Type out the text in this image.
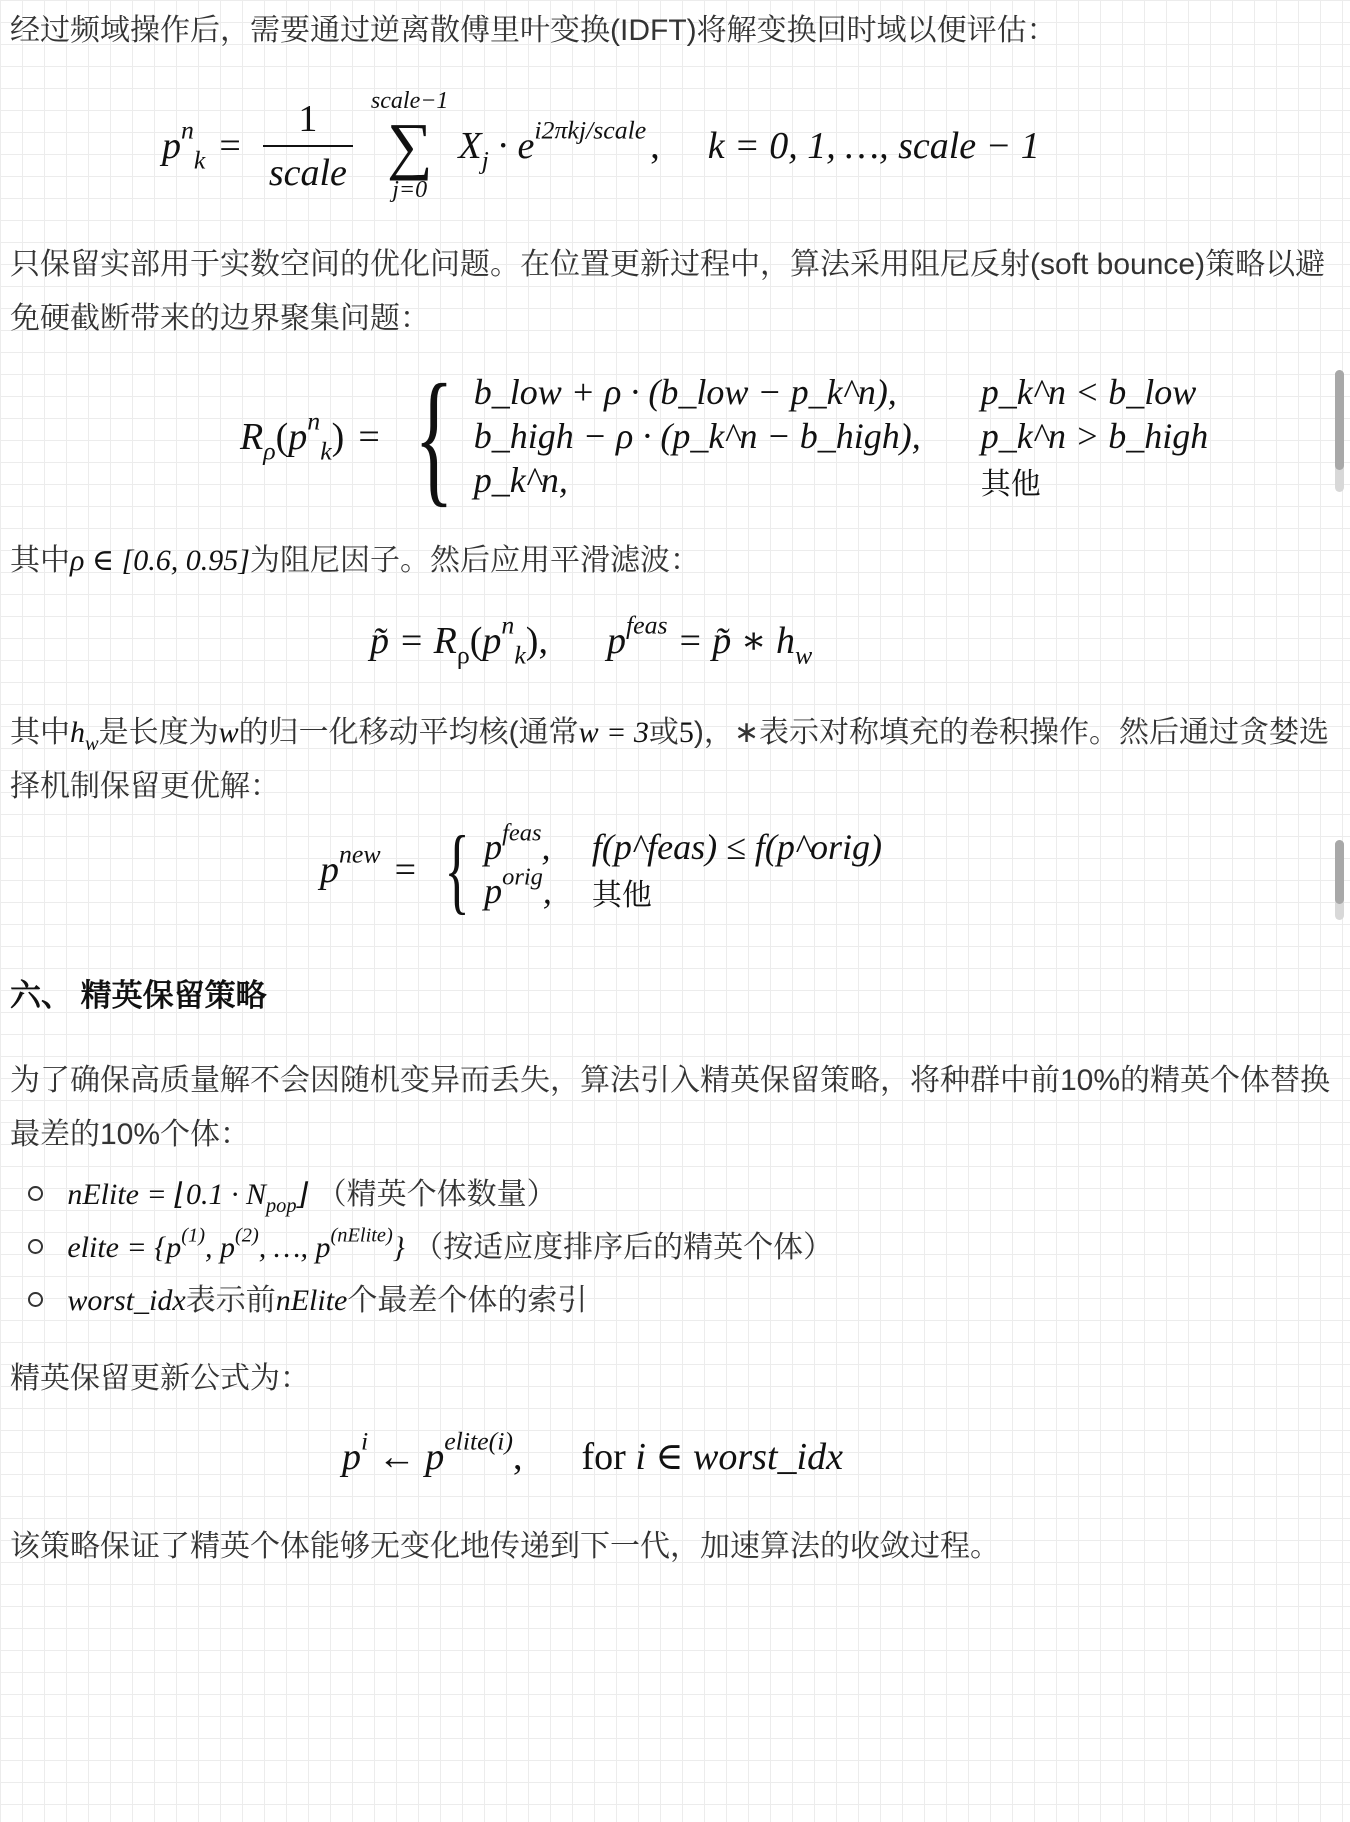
经过频域操作后，需要通过逆离散傅里叶变换(IDFT)将解变换回时域以便评估：

$p^n_k = \frac{1}{\text{scale}}$ scale−1
∑
j=0
$X_j \cdot e^{i2\pi kj/scale}$ , k = 0, 1, …, scale − 1

只保留实部用于实数空间的优化问题。在位置更新过程中，算法采用阻尼反射(soft bounce)策略以避免硬截断带来的边界聚集问题：

$R_\rho$ $(p^n_k)$ = { b_low + ρ · (b_low − p_k^n),	p_k^n < b_low
b_high − ρ · (p_k^n − b_high), p_k^n > b_high
p_k^n,	其他

其中ρ ∈ [0.6, 0.95]为阻尼因子。然后应用平滑滤波：

p̃ = $R_\rho(p^n_k)$, $p^{feas}$ = p̃ ∗ $h_w$

其中$h_w$是长度为w的归一化移动平均核(通常w = 3或5)，∗表示对称填充的卷积操作。然后通过贪婪选择机制保留更优解：

$p^{new}$ = { $p^{feas}$, f(p^feas) ≤ f(p^orig)
$p^{orig}$, 其他
六、 精英保留策略

为了确保高质量解不会因随机变异而丢失，算法引入精英保留策略，将种群中前10%的精英个体替换最差的10%个体：

nElite = ⌊0.1 · $N_{pop}⌋$ （精英个体数量）
elite = {$p^{(1)}$, $p^{(2)}$, …, $p^{(nElite)}$} （按适应度排序后的精英个体）
worst_idx表示前nElite个最差个体的索引

精英保留更新公式为：

$p^i$ ← $p^{elite(i)}$, for i ∈ worst_idx

该策略保证了精英个体能够无变化地传递到下一代，加速算法的收敛过程。
